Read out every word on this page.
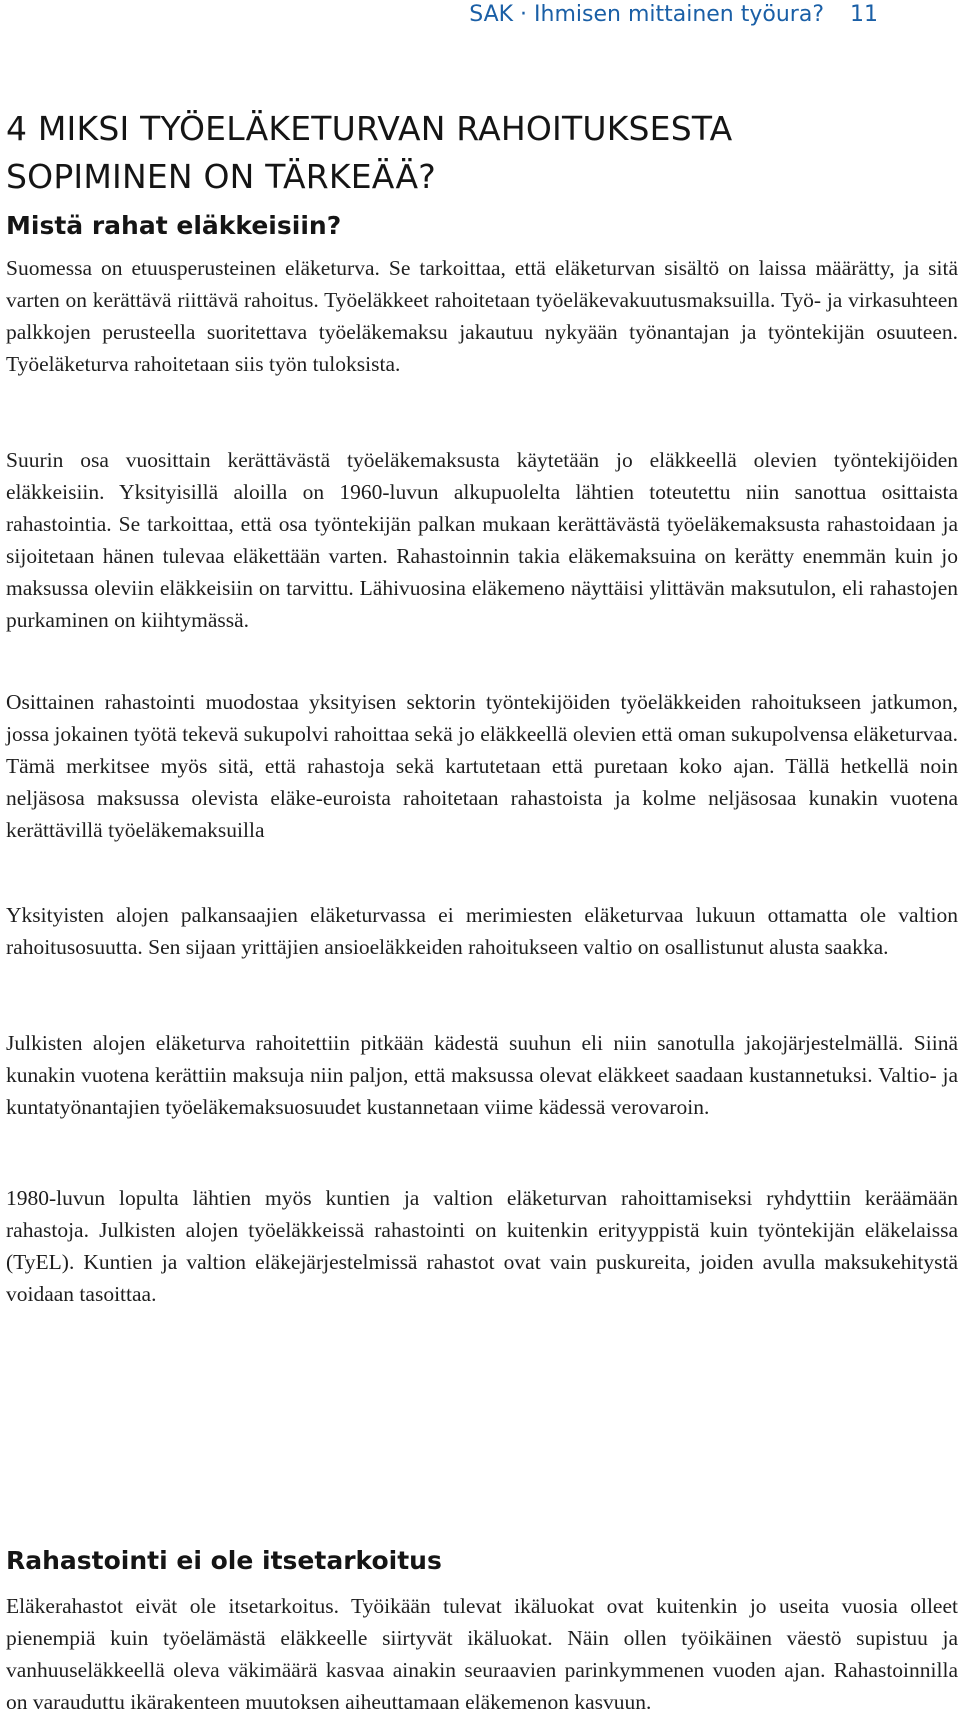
SAK · Ihmisen mittainen työura? 11
4 MIKSI TYÖELÄKETURVAN RAHOITUKSESTA SOPIMINEN ON TÄRKEÄÄ?
Mistä rahat eläkkeisiin?

Suomessa on etuusperusteinen eläketurva. Se tarkoittaa, että eläketurvan sisältö on laissa määrätty, ja sitä varten on kerättävä riittävä rahoitus. Työeläkkeet rahoitetaan työeläkevakuutusmaksuilla. Työ- ja virkasuhteen palkkojen perusteella suoritettava työeläkemaksu jakautuu nykyään työnantajan ja työntekijän osuuteen. Työeläketurva rahoitetaan siis työn tuloksista.

Suurin osa vuosittain kerättävästä työeläkemaksusta käytetään jo eläkkeellä olevien työntekijöiden eläkkeisiin. Yksityisillä aloilla on 1960-luvun alkupuolelta lähtien toteutettu niin sanottua osittaista rahastointia. Se tarkoittaa, että osa työntekijän palkan mukaan kerättävästä työeläkemaksusta rahastoidaan ja sijoitetaan hänen tulevaa eläkettään varten. Rahastoinnin takia eläkemaksuina on kerätty enemmän kuin jo maksussa oleviin eläkkeisiin on tarvittu. Lähivuosina eläkemeno näyttäisi ylittävän maksutulon, eli rahastojen purkaminen on kiihtymässä.

Osittainen rahastointi muodostaa yksityisen sektorin työntekijöiden työeläkkeiden rahoitukseen jatkumon, jossa jokainen työtä tekevä sukupolvi rahoittaa sekä jo eläkkeellä olevien että oman sukupolvensa eläketurvaa. Tämä merkitsee myös sitä, että rahastoja sekä kartutetaan että puretaan koko ajan. Tällä hetkellä noin neljäsosa maksussa olevista eläke-euroista rahoitetaan rahastoista ja kolme neljäsosaa kunakin vuotena kerättävillä työeläkemaksuilla

Yksityisten alojen palkansaajien eläketurvassa ei merimiesten eläketurvaa lukuun ottamatta ole valtion rahoitusosuutta. Sen sijaan yrittäjien ansioeläkkeiden rahoitukseen valtio on osallistunut alusta saakka.

Julkisten alojen eläketurva rahoitettiin pitkään kädestä suuhun eli niin sanotulla jakojärjestelmällä. Siinä kunakin vuotena kerättiin maksuja niin paljon, että maksussa olevat eläkkeet saadaan kustannetuksi. Valtio- ja kuntatyönantajien työeläkemaksuosuudet kustannetaan viime kädessä verovaroin.

1980-luvun lopulta lähtien myös kuntien ja valtion eläketurvan rahoittamiseksi ryhdyttiin keräämään rahastoja. Julkisten alojen työeläkkeissä rahastointi on kuitenkin erityyppistä kuin työntekijän eläkelaissa (TyEL). Kuntien ja valtion eläkejärjestelmissä rahastot ovat vain puskureita, joiden avulla maksukehitystä voidaan tasoittaa.

Rahastointi ei ole itsetarkoitus

Eläkerahastot eivät ole itsetarkoitus. Työikään tulevat ikäluokat ovat kuitenkin jo useita vuosia olleet pienempiä kuin työelämästä eläkkeelle siirtyvät ikäluokat. Näin ollen työikäinen väestö supistuu ja vanhuuseläkkeellä oleva väkimäärä kasvaa ainakin seuraavien parinkymmenen vuoden ajan. Rahastoinnilla on varauduttu ikärakenteen muutoksen aiheuttamaan eläkemenon kasvuun.
